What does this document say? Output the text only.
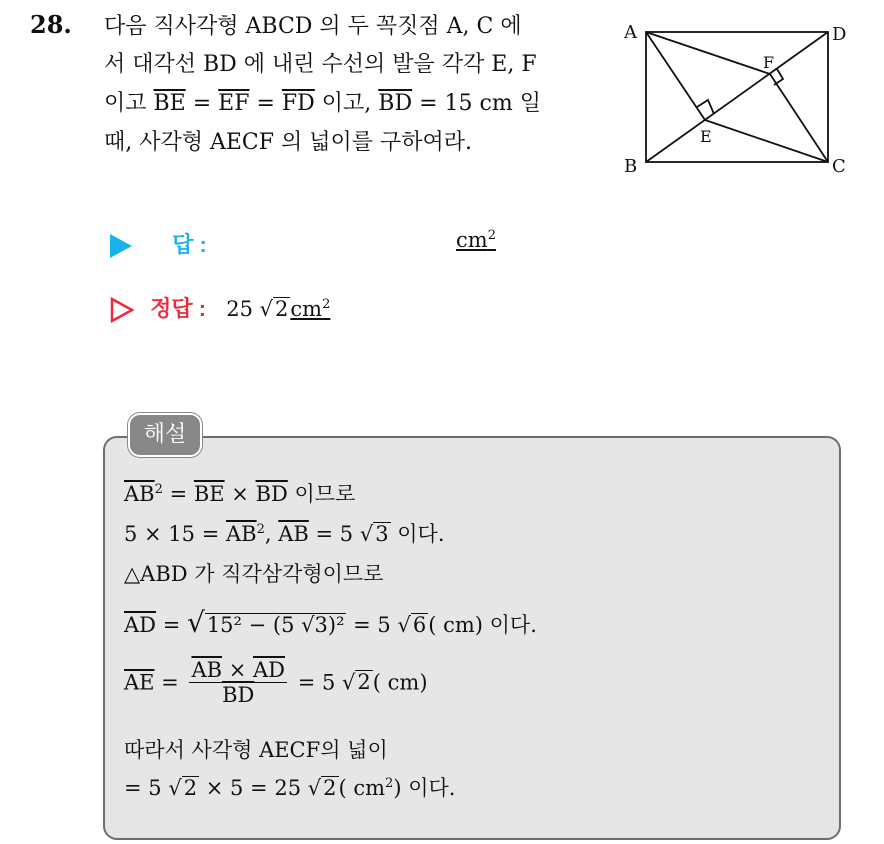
28. 다음 직사각형 ABCD 의 두 꼭짓점 A, C 에
서 대각선 BD 에 내린 수선의 발을 각각 E, F
이고 $\overline{BE} = \overline{EF} = \overline{FD}$ 이고, $\overline{BD} = 15$ cm 일
때, 사각형 AECF 의 넓이를 구하여라.
A
B	C
D
E
F
답 :	$cm^2$
정답 : 25 $√2cm^2$
해설
$\overline{AB}^2 = \overline{BE} \times \overline{BD}$ 이므로
$5 \times 15 = \overline{AB}^2$, $\overline{AB} = 5$ √3 이다.
△ABD 가 직각삼각형이므로
$\overline{AD} = √15^2 - (5$ √3)² = 5 √6( cm) 이다.
$\overline{AE} = \frac{\overline{AB} \times \overline{AD}}{BD} = 5$ √2( cm)
따라서 사각형 AECF의 넓이
= 5 √2 × 5 = 25 √2( $cm^2$) 이다.
